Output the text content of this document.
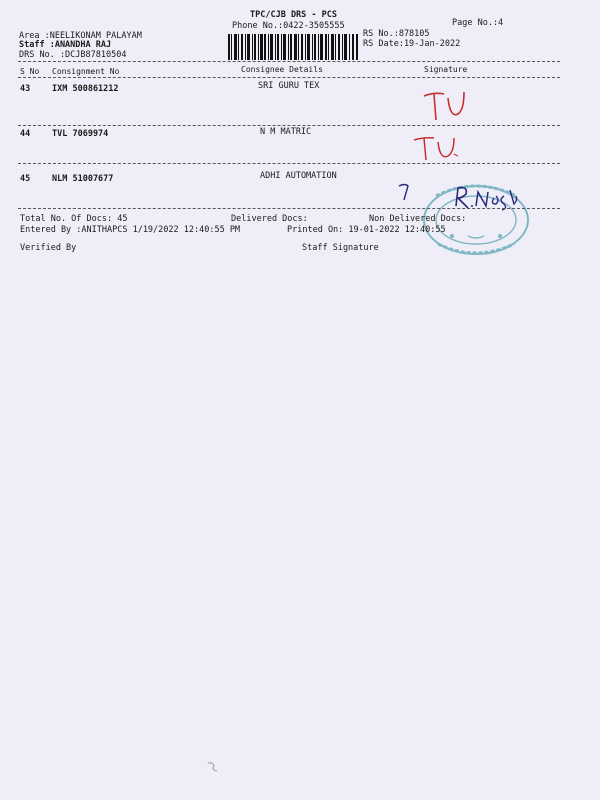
TPC/CJB DRS - PCS
Phone No.:0422-3505555	Page No.:4
RS No.:878105
RS Date:19-Jan-2022
Area :NEELIKONAM PALAYAM
Staff :ANANDHA RAJ
DRS No. :DCJB87810504
S No Consignment No	Consignee Details	Signature
43	IXM 500861212	SRI GURU TEX
44	TVL 7069974	N M MATRIC
45	NLM 51007677	ADHI AUTOMATION
Total No. Of Docs: 45	Delivered Docs:	Non Delivered Docs:
Entered By :ANITHAPCS 1/19/2022 12:40:55 PM	Printed On: 19-01-2022 12:40:55
Verified By	Staff Signature
